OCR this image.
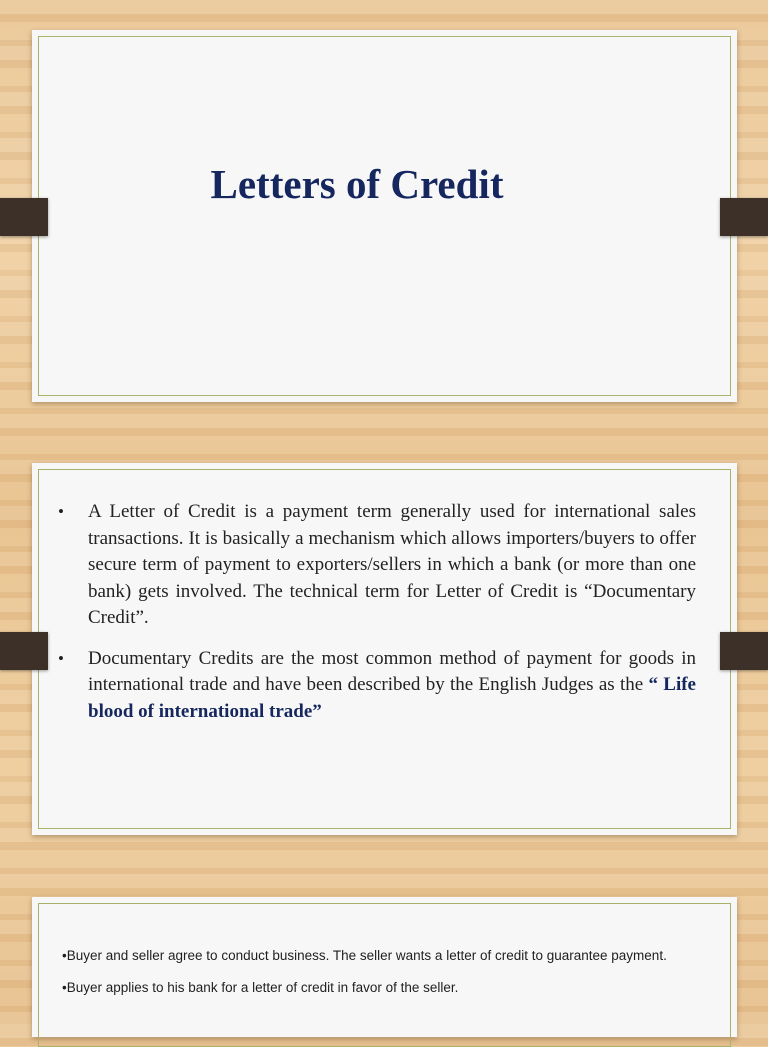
Letters of Credit
• A Letter of Credit is a payment term generally used for international sales transactions. It is basically a mechanism which allows importers/buyers to offer secure term of payment to exporters/sellers in which a bank (or more than one bank) gets involved. The technical term for Letter of Credit is “Documentary Credit”.
• Documentary Credits are the most common method of payment for goods in international trade and have been described by the English Judges as the “ Life blood of international trade”

•Buyer and seller agree to conduct business. The seller wants a letter of credit to guarantee payment.

•Buyer applies to his bank for a letter of credit in favor of the seller.
